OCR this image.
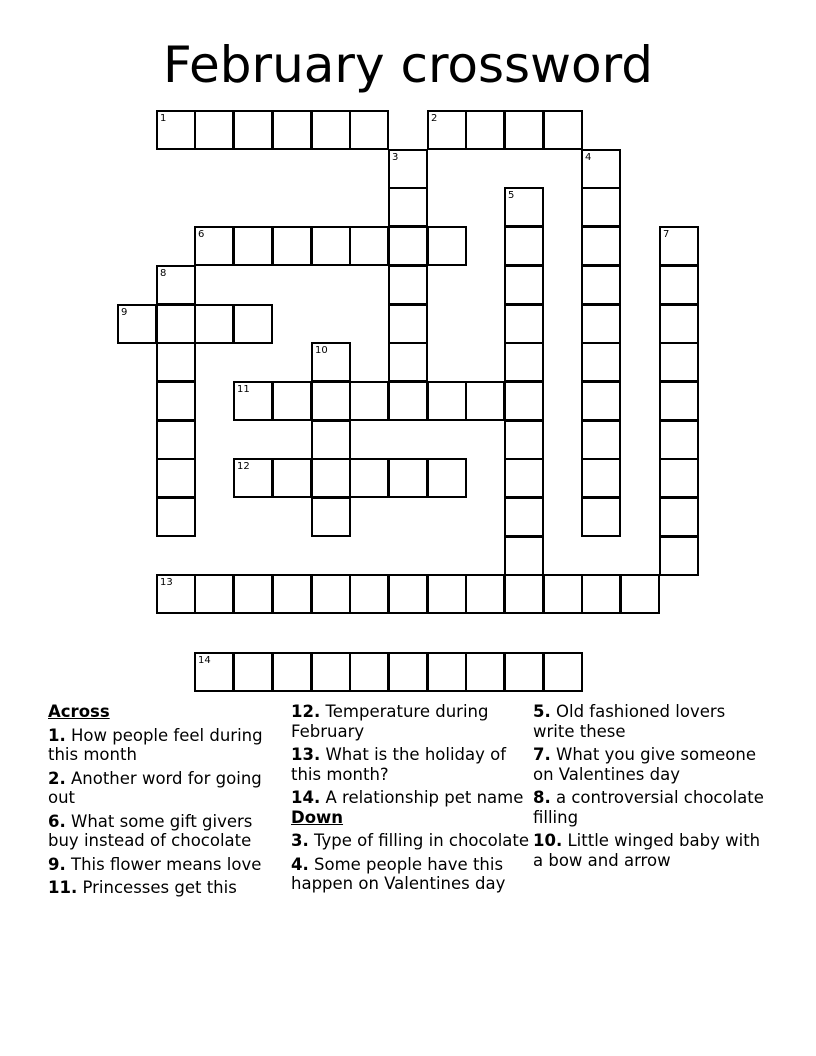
February crossword
1	2
3	4
5
6	7
8
9
10
11
12
13
14
Across
1. How people feel during this month
2. Another word for going out
6. What some gift givers buy instead of chocolate
9. This flower means love
11. Princesses get this
12. Temperature during February
13. What is the holiday of this month?
14. A relationship pet name
Down
3. Type of filling in chocolate
4. Some people have this happen on Valentines day
5. Old fashioned lovers write these
7. What you give someone on Valentines day
8. a controversial chocolate filling
10. Little winged baby with a bow and arrow
